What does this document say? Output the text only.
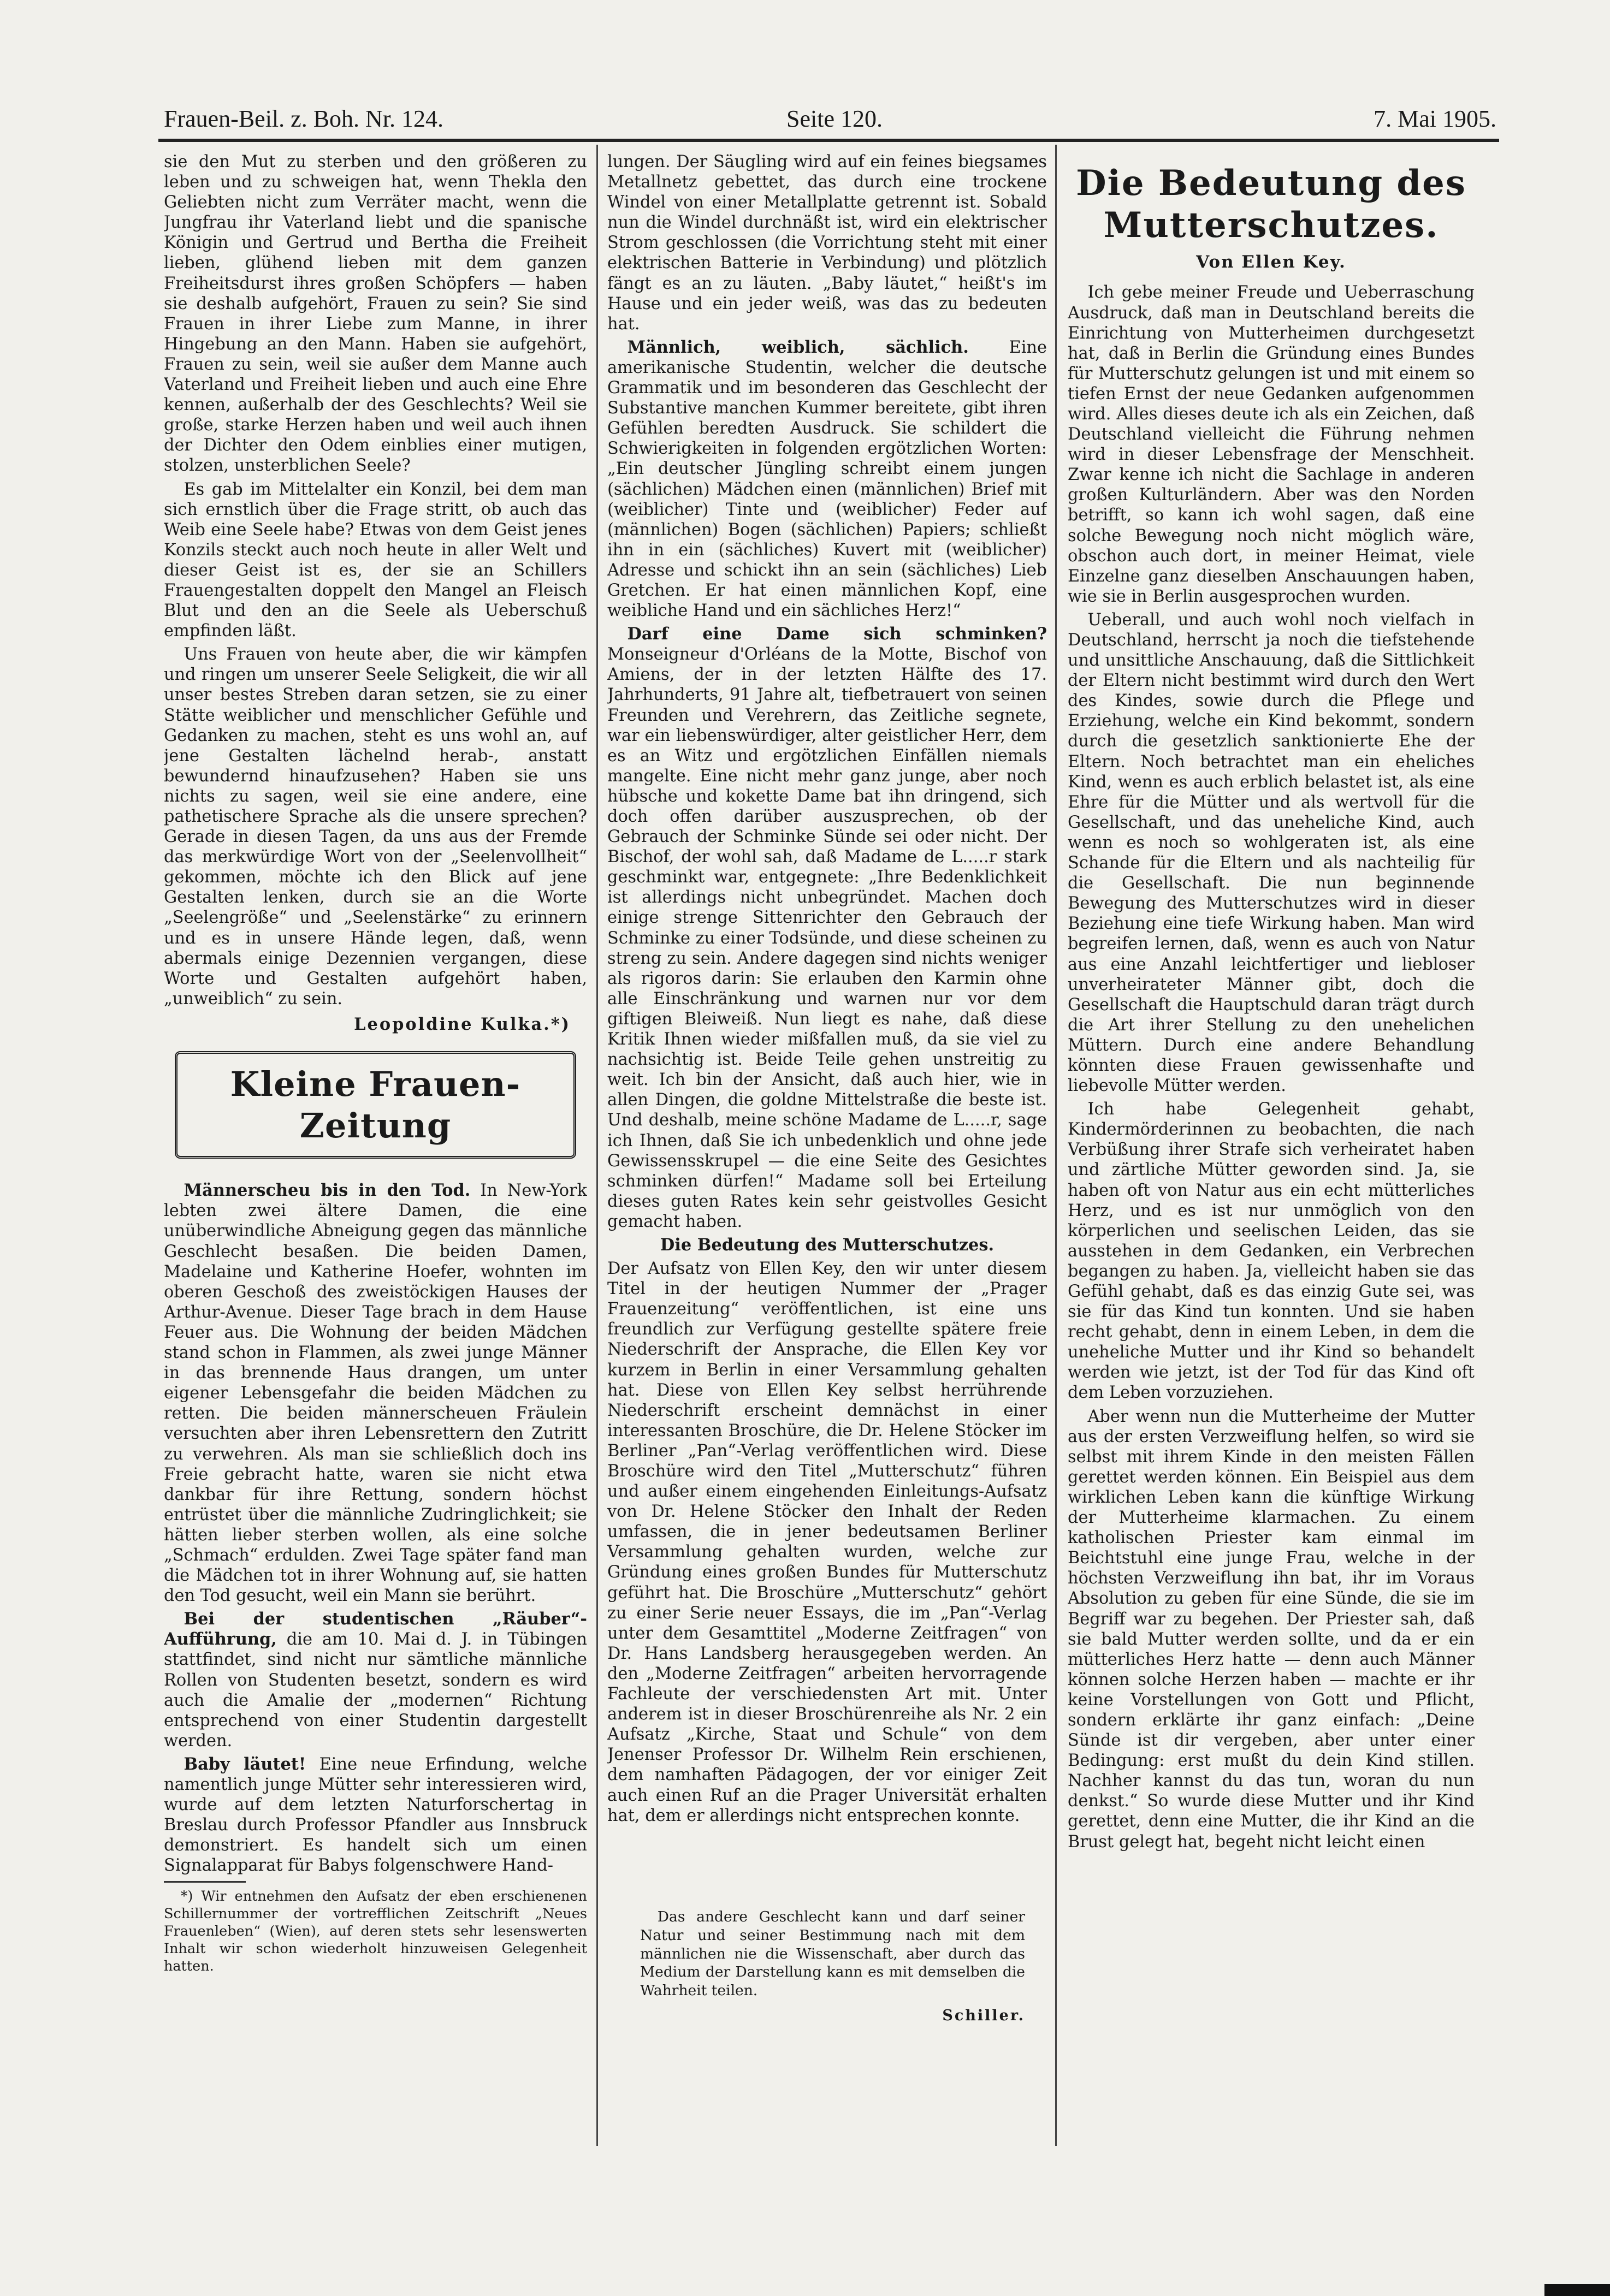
Frauen-Beil. z. Boh. Nr. 124.	Seite 120.	7. Mai 1905.

sie den Mut zu sterben und den größeren zu leben und zu schweigen hat, wenn Thekla den Geliebten nicht zum Verräter macht, wenn die Jungfrau ihr Vaterland liebt und die spanische Königin und Gertrud und Bertha die Freiheit lieben, glühend lieben mit dem ganzen Freiheitsdurst ihres großen Schöpfers — haben sie deshalb aufgehört, Frauen zu sein? Sie sind Frauen in ihrer Liebe zum Manne, in ihrer Hingebung an den Mann. Haben sie aufgehört, Frauen zu sein, weil sie außer dem Manne auch Vaterland und Freiheit lieben und auch eine Ehre kennen, außerhalb der des Geschlechts? Weil sie große, starke Herzen haben und weil auch ihnen der Dichter den Odem einblies einer mutigen, stolzen, unsterblichen Seele?

Es gab im Mittelalter ein Konzil, bei dem man sich ernstlich über die Frage stritt, ob auch das Weib eine Seele habe? Etwas von dem Geist jenes Konzils steckt auch noch heute in aller Welt und dieser Geist ist es, der sie an Schillers Frauengestalten doppelt den Mangel an Fleisch Blut und den an die Seele als Ueberschuß empfinden läßt.

Uns Frauen von heute aber, die wir kämpfen und ringen um unserer Seele Seligkeit, die wir all unser bestes Streben daran setzen, sie zu einer Stätte weiblicher und menschlicher Gefühle und Gedanken zu machen, steht es uns wohl an, auf jene Gestalten lächelnd herab-, anstatt bewundernd hinaufzusehen? Haben sie uns nichts zu sagen, weil sie eine andere, eine pathetischere Sprache als die unsere sprechen? Gerade in diesen Tagen, da uns aus der Fremde das merkwürdige Wort von der „Seelenvollheit“ gekommen, möchte ich den Blick auf jene Gestalten lenken, durch sie an die Worte „Seelengröße“ und „Seelenstärke“ zu erinnern und es in unsere Hände legen, daß, wenn abermals einige Dezennien vergangen, diese Worte und Gestalten aufgehört haben, „unweiblich“ zu sein.

Leopoldine Kulka.*)

Kleine Frauen-Zeitung

Männerscheu bis in den Tod. In New-York lebten zwei ältere Damen, die eine unüberwindliche Abneigung gegen das männliche Geschlecht besaßen. Die beiden Damen, Madelaine und Katherine Hoefer, wohnten im oberen Geschoß des zweistöckigen Hauses der Arthur-Avenue. Dieser Tage brach in dem Hause Feuer aus. Die Wohnung der beiden Mädchen stand schon in Flammen, als zwei junge Männer in das brennende Haus drangen, um unter eigener Lebensgefahr die beiden Mädchen zu retten. Die beiden männerscheuen Fräulein versuchten aber ihren Lebensrettern den Zutritt zu verwehren. Als man sie schließlich doch ins Freie gebracht hatte, waren sie nicht etwa dankbar für ihre Rettung, sondern höchst entrüstet über die männliche Zudringlichkeit; sie hätten lieber sterben wollen, als eine solche „Schmach“ erdulden. Zwei Tage später fand man die Mädchen tot in ihrer Wohnung auf, sie hatten den Tod gesucht, weil ein Mann sie berührt.

Bei der studentischen „Räuber“-Aufführung, die am 10. Mai d. J. in Tübingen stattfindet, sind nicht nur sämtliche männliche Rollen von Studenten besetzt, sondern es wird auch die Amalie der „modernen“ Richtung entsprechend von einer Studentin dargestellt werden.

Baby läutet! Eine neue Erfindung, welche namentlich junge Mütter sehr interessieren wird, wurde auf dem letzten Naturforschertag in Breslau durch Professor Pfandler aus Innsbruck demonstriert. Es handelt sich um einen Signalapparat für Babys folgenschwere Hand-

*) Wir entnehmen den Aufsatz der eben erschienenen Schillernummer der vortrefflichen Zeitschrift „Neues Frauenleben“ (Wien), auf deren stets sehr lesenswerten Inhalt wir schon wiederholt hinzuweisen Gelegenheit hatten.

lungen. Der Säugling wird auf ein feines biegsames Metallnetz gebettet, das durch eine trockene Windel von einer Metallplatte getrennt ist. Sobald nun die Windel durchnäßt ist, wird ein elektrischer Strom geschlossen (die Vorrichtung steht mit einer elektrischen Batterie in Verbindung) und plötzlich fängt es an zu läuten. „Baby läutet,“ heißt's im Hause und ein jeder weiß, was das zu bedeuten hat.

Männlich, weiblich, sächlich. Eine amerikanische Studentin, welcher die deutsche Grammatik und im besonderen das Geschlecht der Substantive manchen Kummer bereitete, gibt ihren Gefühlen beredten Ausdruck. Sie schildert die Schwierigkeiten in folgenden ergötzlichen Worten: „Ein deutscher Jüngling schreibt einem jungen (sächlichen) Mädchen einen (männlichen) Brief mit (weiblicher) Tinte und (weiblicher) Feder auf (männlichen) Bogen (sächlichen) Papiers; schließt ihn in ein (sächliches) Kuvert mit (weiblicher) Adresse und schickt ihn an sein (sächliches) Lieb Gretchen. Er hat einen männlichen Kopf, eine weibliche Hand und ein sächliches Herz!“

Darf eine Dame sich schminken? Monseigneur d'Orléans de la Motte, Bischof von Amiens, der in der letzten Hälfte des 17. Jahrhunderts, 91 Jahre alt, tiefbetrauert von seinen Freunden und Verehrern, das Zeitliche segnete, war ein liebenswürdiger, alter geistlicher Herr, dem es an Witz und ergötzlichen Einfällen niemals mangelte. Eine nicht mehr ganz junge, aber noch hübsche und kokette Dame bat ihn dringend, sich doch offen darüber auszusprechen, ob der Gebrauch der Schminke Sünde sei oder nicht. Der Bischof, der wohl sah, daß Madame de L.....r stark geschminkt war, entgegnete: „Ihre Bedenklichkeit ist allerdings nicht unbegründet. Machen doch einige strenge Sittenrichter den Gebrauch der Schminke zu einer Todsünde, und diese scheinen zu streng zu sein. Andere dagegen sind nichts weniger als rigoros darin: Sie erlauben den Karmin ohne alle Einschränkung und warnen nur vor dem giftigen Bleiweiß. Nun liegt es nahe, daß diese Kritik Ihnen wieder mißfallen muß, da sie viel zu nachsichtig ist. Beide Teile gehen unstreitig zu weit. Ich bin der Ansicht, daß auch hier, wie in allen Dingen, die goldne Mittelstraße die beste ist. Und deshalb, meine schöne Madame de L.....r, sage ich Ihnen, daß Sie ich unbedenklich und ohne jede Gewissensskrupel — die eine Seite des Gesichtes schminken dürfen!“ Madame soll bei Erteilung dieses guten Rates kein sehr geistvolles Gesicht gemacht haben.

Die Bedeutung des Mutterschutzes.

Der Aufsatz von Ellen Key, den wir unter diesem Titel in der heutigen Nummer der „Prager Frauenzeitung“ veröffentlichen, ist eine uns freundlich zur Verfügung gestellte spätere freie Niederschrift der Ansprache, die Ellen Key vor kurzem in Berlin in einer Versammlung gehalten hat. Diese von Ellen Key selbst herrührende Niederschrift erscheint demnächst in einer interessanten Broschüre, die Dr. Helene Stöcker im Berliner „Pan“-Verlag veröffentlichen wird. Diese Broschüre wird den Titel „Mutterschutz“ führen und außer einem eingehenden Einleitungs-Aufsatz von Dr. Helene Stöcker den Inhalt der Reden umfassen, die in jener bedeutsamen Berliner Versammlung gehalten wurden, welche zur Gründung eines großen Bundes für Mutterschutz geführt hat. Die Broschüre „Mutterschutz“ gehört zu einer Serie neuer Essays, die im „Pan“-Verlag unter dem Gesamttitel „Moderne Zeitfragen“ von Dr. Hans Landsberg herausgegeben werden. An den „Moderne Zeitfragen“ arbeiten hervorragende Fachleute der verschiedensten Art mit. Unter anderem ist in dieser Broschürenreihe als Nr. 2 ein Aufsatz „Kirche, Staat und Schule“ von dem Jenenser Professor Dr. Wilhelm Rein erschienen, dem namhaften Pädagogen, der vor einiger Zeit auch einen Ruf an die Prager Universität erhalten hat, dem er allerdings nicht entsprechen konnte.

Das andere Geschlecht kann und darf seiner Natur und seiner Bestimmung nach mit dem männlichen nie die Wissenschaft, aber durch das Medium der Darstellung kann es mit demselben die Wahrheit teilen.

Schiller.
Die Bedeutung des Mutterschutzes.
Von Ellen Key.

Ich gebe meiner Freude und Ueberraschung Ausdruck, daß man in Deutschland bereits die Einrichtung von Mutterheimen durchgesetzt hat, daß in Berlin die Gründung eines Bundes für Mutterschutz gelungen ist und mit einem so tiefen Ernst der neue Gedanken aufgenommen wird. Alles dieses deute ich als ein Zeichen, daß Deutschland vielleicht die Führung nehmen wird in dieser Lebensfrage der Menschheit. Zwar kenne ich nicht die Sachlage in anderen großen Kulturländern. Aber was den Norden betrifft, so kann ich wohl sagen, daß eine solche Bewegung noch nicht möglich wäre, obschon auch dort, in meiner Heimat, viele Einzelne ganz dieselben Anschauungen haben, wie sie in Berlin ausgesprochen wurden.

Ueberall, und auch wohl noch vielfach in Deutschland, herrscht ja noch die tiefstehende und unsittliche Anschauung, daß die Sittlichkeit der Eltern nicht bestimmt wird durch den Wert des Kindes, sowie durch die Pflege und Erziehung, welche ein Kind bekommt, sondern durch die gesetzlich sanktionierte Ehe der Eltern. Noch betrachtet man ein eheliches Kind, wenn es auch erblich belastet ist, als eine Ehre für die Mütter und als wertvoll für die Gesellschaft, und das uneheliche Kind, auch wenn es noch so wohlgeraten ist, als eine Schande für die Eltern und als nachteilig für die Gesellschaft. Die nun beginnende Bewegung des Mutterschutzes wird in dieser Beziehung eine tiefe Wirkung haben. Man wird begreifen lernen, daß, wenn es auch von Natur aus eine Anzahl leichtfertiger und liebloser unverheirateter Männer gibt, doch die Gesellschaft die Hauptschuld daran trägt durch die Art ihrer Stellung zu den unehelichen Müttern. Durch eine andere Behandlung könnten diese Frauen gewissenhafte und liebevolle Mütter werden.

Ich habe Gelegenheit gehabt, Kindermörderinnen zu beobachten, die nach Verbüßung ihrer Strafe sich verheiratet haben und zärtliche Mütter geworden sind. Ja, sie haben oft von Natur aus ein echt mütterliches Herz, und es ist nur unmöglich von den körperlichen und seelischen Leiden, das sie ausstehen in dem Gedanken, ein Verbrechen begangen zu haben. Ja, vielleicht haben sie das Gefühl gehabt, daß es das einzig Gute sei, was sie für das Kind tun konnten. Und sie haben recht gehabt, denn in einem Leben, in dem die uneheliche Mutter und ihr Kind so behandelt werden wie jetzt, ist der Tod für das Kind oft dem Leben vorzuziehen.

Aber wenn nun die Mutterheime der Mutter aus der ersten Verzweiflung helfen, so wird sie selbst mit ihrem Kinde in den meisten Fällen gerettet werden können. Ein Beispiel aus dem wirklichen Leben kann die künftige Wirkung der Mutterheime klarmachen. Zu einem katholischen Priester kam einmal im Beichtstuhl eine junge Frau, welche in der höchsten Verzweiflung ihn bat, ihr im Voraus Absolution zu geben für eine Sünde, die sie im Begriff war zu begehen. Der Priester sah, daß sie bald Mutter werden sollte, und da er ein mütterliches Herz hatte — denn auch Männer können solche Herzen haben — machte er ihr keine Vorstellungen von Gott und Pflicht, sondern erklärte ihr ganz einfach: „Deine Sünde ist dir vergeben, aber unter einer Bedingung: erst mußt du dein Kind stillen. Nachher kannst du das tun, woran du nun denkst.“ So wurde diese Mutter und ihr Kind gerettet, denn eine Mutter, die ihr Kind an die Brust gelegt hat, begeht nicht leicht einen
